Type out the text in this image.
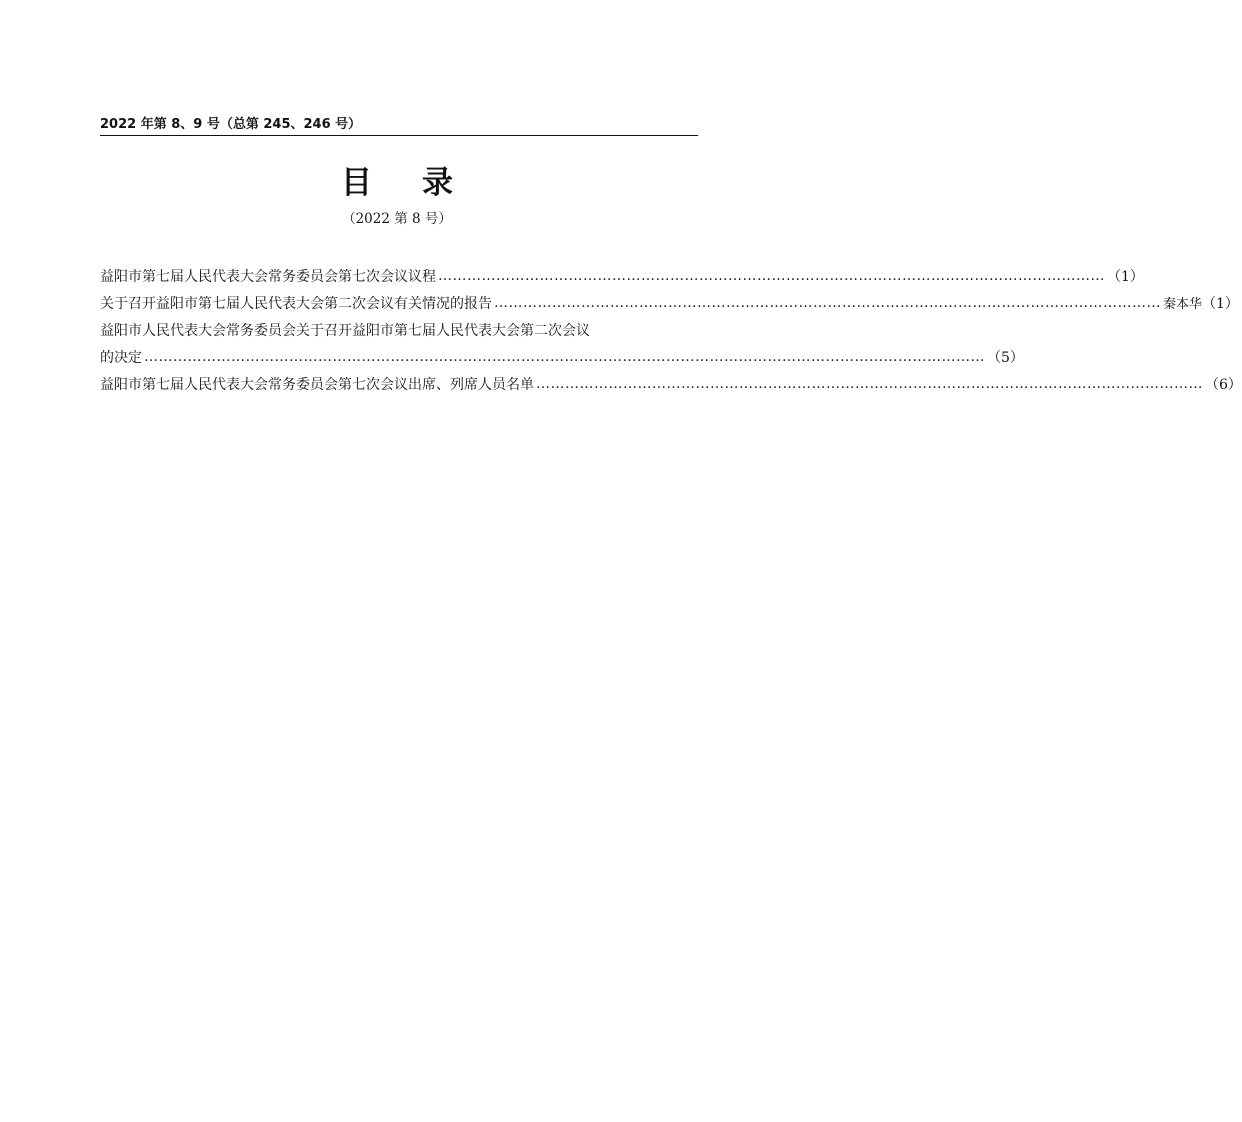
2022 年第 8、9 号（总第 245、246 号）
目录
（2022 第 8 号）
益阳市第七届人民代表大会常务委员会第七次会议议程 ………………………………………………………………………………………………………………………… （1）
关于召开益阳市第七届人民代表大会第二次会议有关情况的报告 ………………………………………………………………………………………………………………………… 秦本华 （1）
益阳市人民代表大会常务委员会关于召开益阳市第七届人民代表大会第二次会议
的决定 ………………………………………………………………………………………………………………………………………………………… （5）
益阳市第七届人民代表大会常务委员会第七次会议出席、列席人员名单 ………………………………………………………………………………………………………………………… （6）
